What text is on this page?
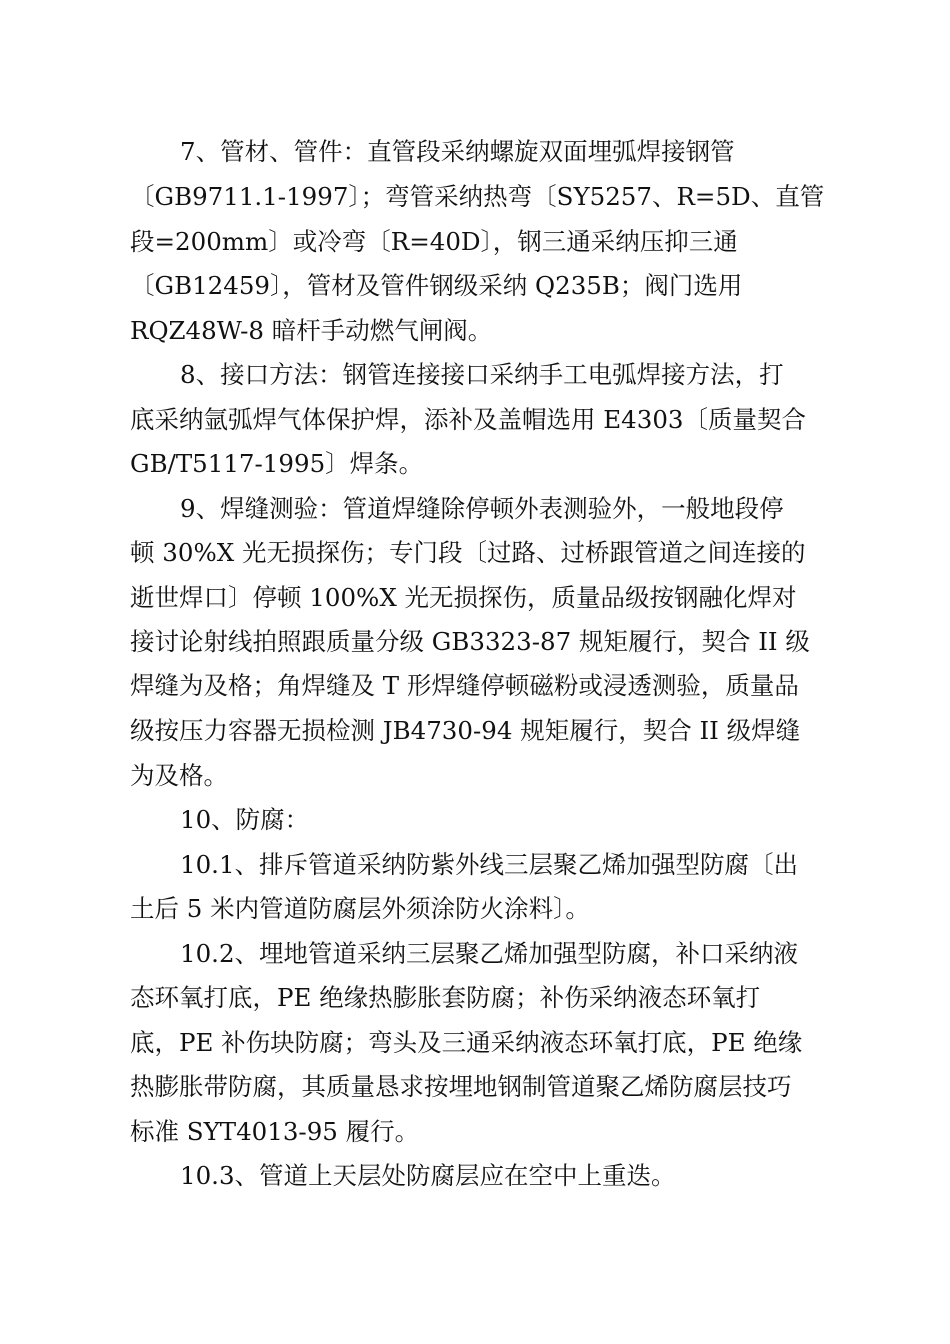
7、管材、管件：直管段采纳螺旋双面埋弧焊接钢管
〔GB9711.1-1997〕；弯管采纳热弯〔SY5257、R=5D、直管
段=200mm〕或冷弯〔R=40D〕，钢三通采纳压抑三通
〔GB12459〕，管材及管件钢级采纳 Q235B；阀门选用
RQZ48W-8 暗杆手动燃气闸阀。
8、接口方法：钢管连接接口采纳手工电弧焊接方法，打
底采纳氩弧焊气体保护焊，添补及盖帽选用 E4303〔质量契合
GB/T5117-1995〕焊条。
9、焊缝测验：管道焊缝除停顿外表测验外，一般地段停
顿 30%X 光无损探伤；专门段〔过路、过桥跟管道之间连接的
逝世焊口〕停顿 100%X 光无损探伤，质量品级按钢融化焊对
接讨论射线拍照跟质量分级 GB3323-87 规矩履行，契合 II 级
焊缝为及格；角焊缝及 T 形焊缝停顿磁粉或浸透测验，质量品
级按压力容器无损检测 JB4730-94 规矩履行，契合 II 级焊缝
为及格。
10、防腐：
10.1、排斥管道采纳防紫外线三层聚乙烯加强型防腐〔出
土后 5 米内管道防腐层外须涂防火涂料〕。
10.2、埋地管道采纳三层聚乙烯加强型防腐，补口采纳液
态环氧打底，PE 绝缘热膨胀套防腐；补伤采纳液态环氧打
底，PE 补伤块防腐；弯头及三通采纳液态环氧打底，PE 绝缘
热膨胀带防腐，其质量恳求按埋地钢制管道聚乙烯防腐层技巧
标准 SYT4013-95 履行。
10.3、管道上天层处防腐层应在空中上重迭。
